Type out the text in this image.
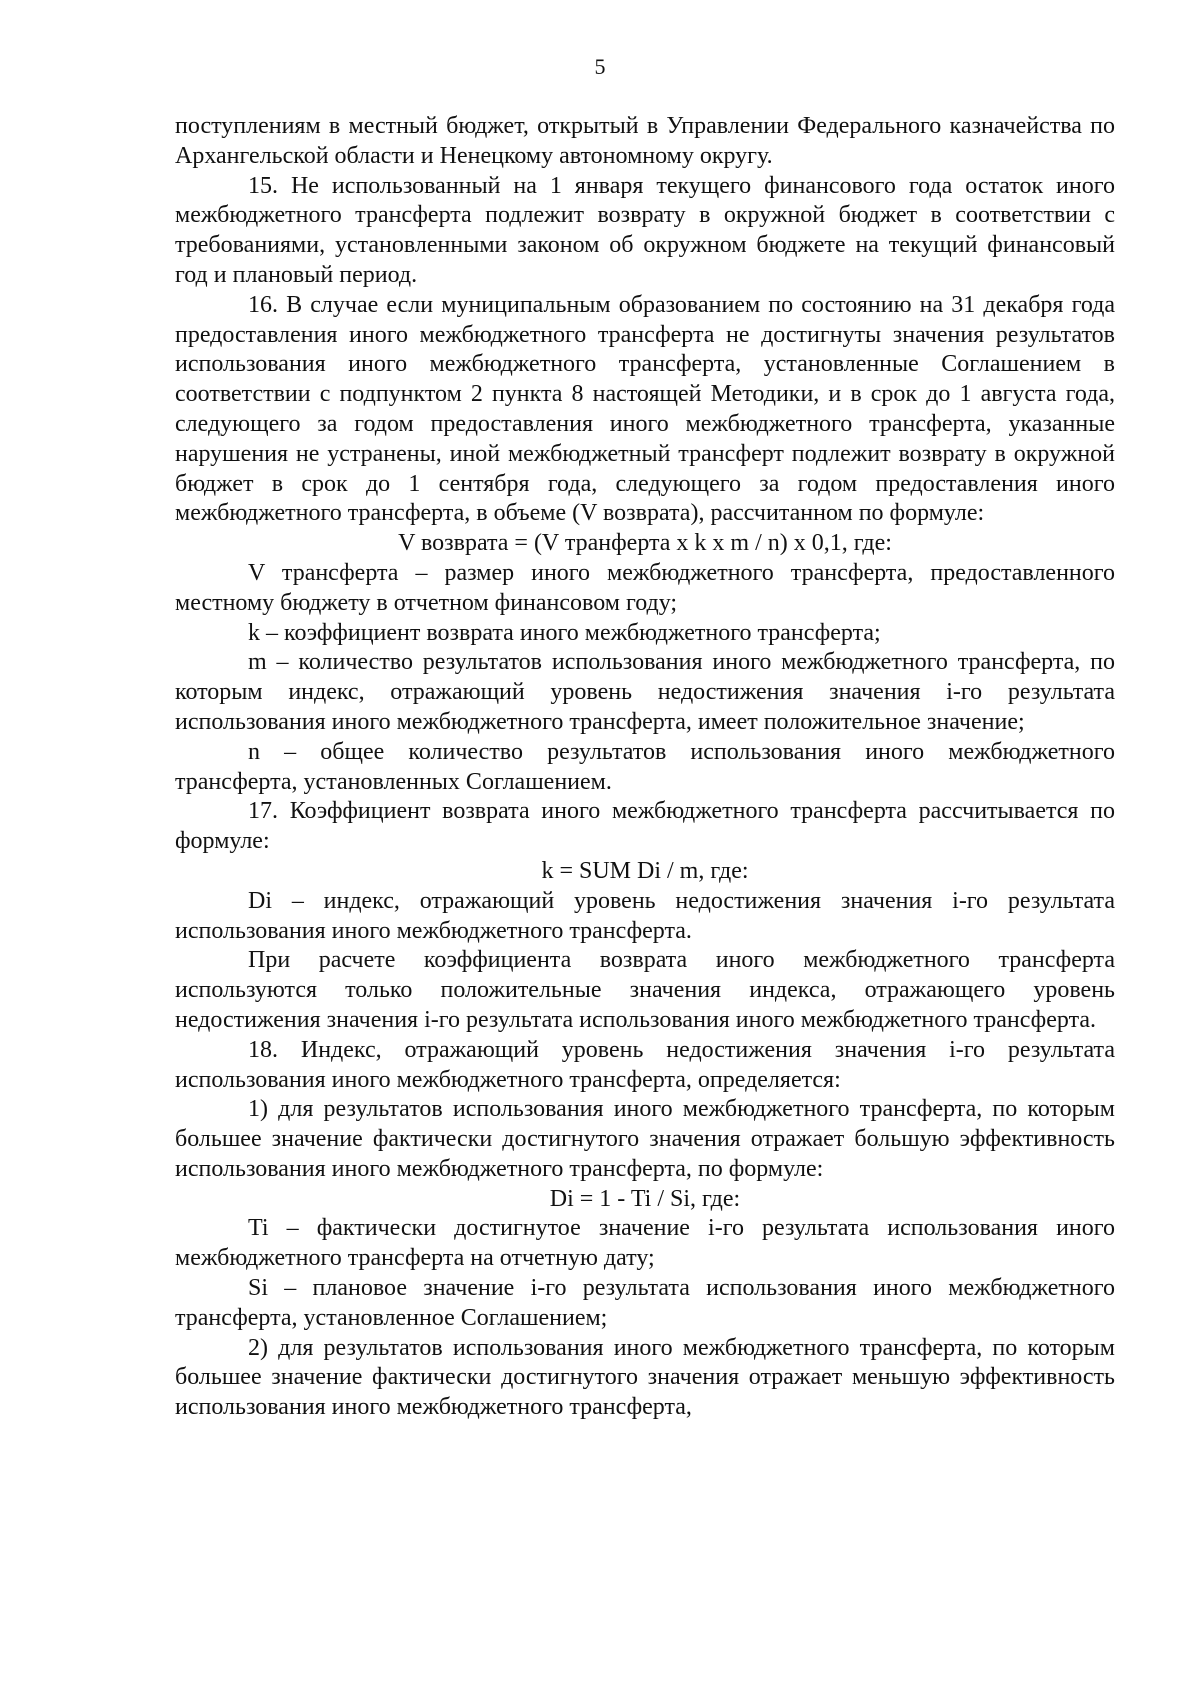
5

поступлениям в местный бюджет, открытый в Управлении Федерального казначейства по Архангельской области и Ненецкому автономному округу.

15. Не использованный на 1 января текущего финансового года остаток иного межбюджетного трансферта подлежит возврату в окружной бюджет в соответствии с требованиями, установленными законом об окружном бюджете на текущий финансовый год и плановый период.

16. В случае если муниципальным образованием по состоянию на 31 декабря года предоставления иного межбюджетного трансферта не достигнуты значения результатов использования иного межбюджетного трансферта, установленные Соглашением в соответствии с подпунктом 2 пункта 8 настоящей Методики, и в срок до 1 августа года, следующего за годом предоставления иного межбюджетного трансферта, указанные нарушения не устранены, иной межбюджетный трансферт подлежит возврату в окружной бюджет в срок до 1 сентября года, следующего за годом предоставления иного межбюджетного трансферта, в объеме (V возврата), рассчитанном по формуле:

V возврата = (V транферта x k x m / n) x 0,1, где:

V трансферта – размер иного межбюджетного трансферта, предоставленного местному бюджету в отчетном финансовом году;

k – коэффициент возврата иного межбюджетного трансферта;

m – количество результатов использования иного межбюджетного трансферта, по которым индекс, отражающий уровень недостижения значения i-го результата использования иного межбюджетного трансферта, имеет положительное значение;

n – общее количество результатов использования иного межбюджетного трансферта, установленных Соглашением.

17. Коэффициент возврата иного межбюджетного трансферта рассчитывается по формуле:

k = SUM Di / m, где:

Di – индекс, отражающий уровень недостижения значения i-го результата использования иного межбюджетного трансферта.

При расчете коэффициента возврата иного межбюджетного трансферта используются только положительные значения индекса, отражающего уровень недостижения значения i-го результата использования иного межбюджетного трансферта.

18. Индекс, отражающий уровень недостижения значения i-го результата использования иного межбюджетного трансферта, определяется:

1) для результатов использования иного межбюджетного трансферта, по которым большее значение фактически достигнутого значения отражает большую эффективность использования иного межбюджетного трансферта, по формуле:

Di = 1 - Ti / Si, где:

Ti – фактически достигнутое значение i-го результата использования иного межбюджетного трансферта на отчетную дату;

Si – плановое значение i-го результата использования иного межбюджетного трансферта, установленное Соглашением;

2) для результатов использования иного межбюджетного трансферта, по которым большее значение фактически достигнутого значения отражает меньшую эффективность использования иного межбюджетного трансферта,
